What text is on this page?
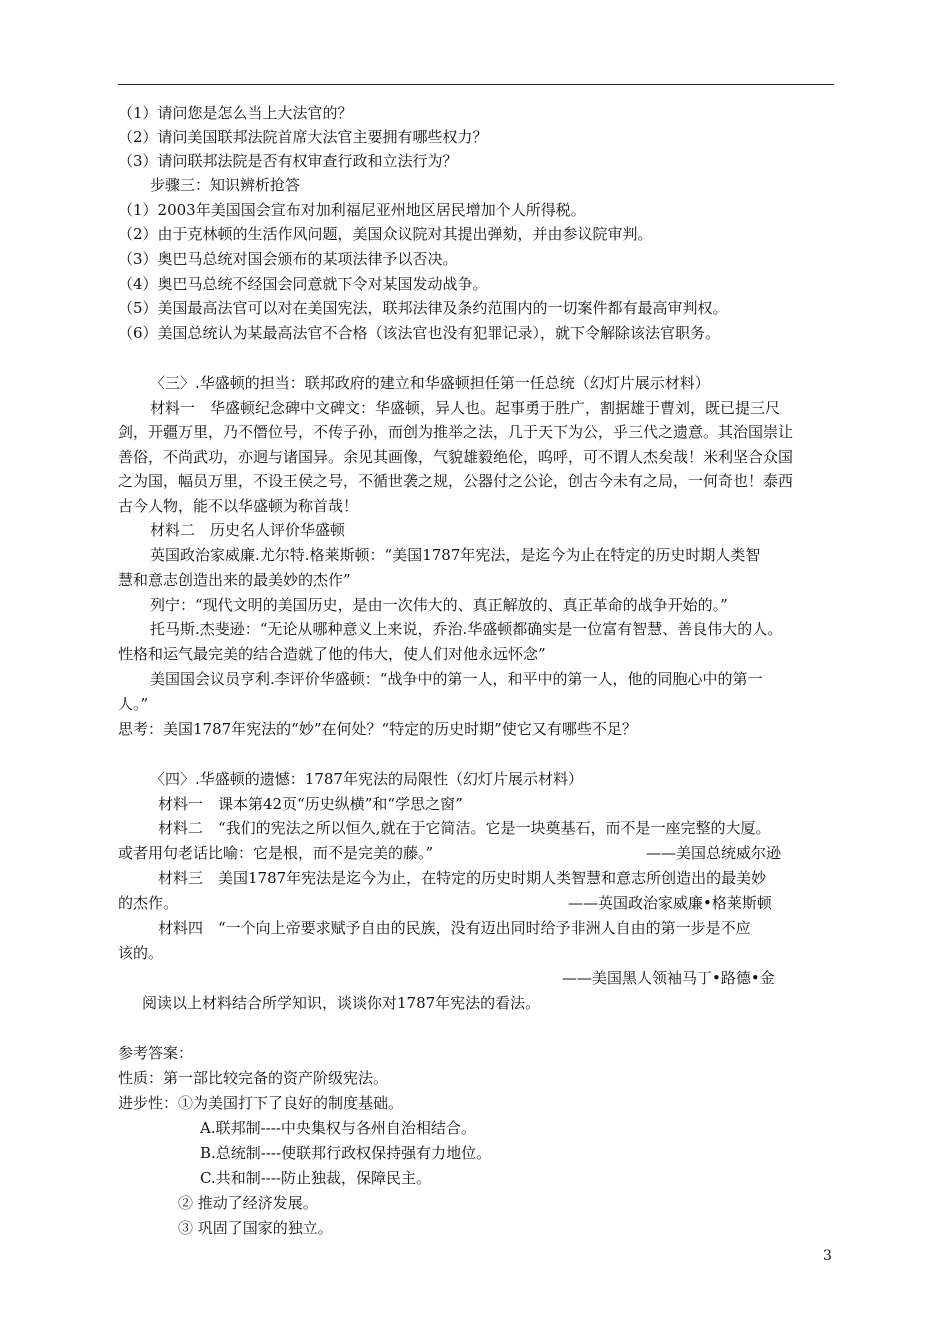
（1）请问您是怎么当上大法官的？
（2）请问美国联邦法院首席大法官主要拥有哪些权力？
（3）请问联邦法院是否有权审查行政和立法行为？
步骤三：知识辨析抢答
（1）2003年美国国会宣布对加利福尼亚州地区居民增加个人所得税。
（2）由于克林顿的生活作风问题，美国众议院对其提出弹劾，并由参议院审判。
（3）奥巴马总统对国会颁布的某项法律予以否决。
（4）奥巴马总统不经国会同意就下令对某国发动战争。
（5）美国最高法官可以对在美国宪法，联邦法律及条约范围内的一切案件都有最高审判权。
（6）美国总统认为某最高法官不合格（该法官也没有犯罪记录），就下令解除该法官职务。
〈三〉.华盛顿的担当：联邦政府的建立和华盛顿担任第一任总统（幻灯片展示材料）
材料一　华盛顿纪念碑中文碑文：华盛顿，异人也。起事勇于胜广，割据雄于曹刘，既已提三尺
剑，开疆万里，乃不僭位号，不传子孙，而创为推举之法，几于天下为公，乎三代之遗意。其治国崇让
善俗，不尚武功，亦迥与诸国异。余见其画像，气貌雄毅绝伦，呜呼，可不谓人杰矣哉！米利坚合众国
之为国，幅员万里，不设王侯之号，不循世袭之规，公器付之公论，创古今未有之局，一何奇也！泰西
古今人物，能不以华盛顿为称首哉！
材料二　历史名人评价华盛顿
英国政治家威廉.尤尔特.格莱斯顿：“美国1787年宪法，是迄今为止在特定的历史时期人类智
慧和意志创造出来的最美妙的杰作”
列宁：“现代文明的美国历史，是由一次伟大的、真正解放的、真正革命的战争开始的。”
托马斯.杰斐逊：“无论从哪种意义上来说，乔治.华盛顿都确实是一位富有智慧、善良伟大的人。
性格和运气最完美的结合造就了他的伟大，使人们对他永远怀念”
美国国会议员亨利.李评价华盛顿：“战争中的第一人，和平中的第一人，他的同胞心中的第一
人。”
思考：美国1787年宪法的“妙”在何处？“特定的历史时期”使它又有哪些不足？
〈四〉.华盛顿的遗憾：1787年宪法的局限性（幻灯片展示材料）
材料一　课本第42页“历史纵横”和“学思之窗”
材料二　“我们的宪法之所以恒久,就在于它简洁。它是一块奠基石，而不是一座完整的大厦。
或者用句老话比喻：它是根，而不是完美的藤。”	——美国总统威尔逊
材料三　美国1787年宪法是迄今为止，在特定的历史时期人类智慧和意志所创造出的最美妙
的杰作。	——英国政治家威廉•格莱斯顿
材料四　“一个向上帝要求赋予自由的民族，没有迈出同时给予非洲人自由的第一步是不应
该的。
——美国黑人领袖马丁•路德•金
阅读以上材料结合所学知识，谈谈你对1787年宪法的看法。
参考答案：
性质：第一部比较完备的资产阶级宪法。
进步性：①为美国打下了良好的制度基础。
A.联邦制----中央集权与各州自治相结合。
B.总统制----使联邦行政权保持强有力地位。
C.共和制----防止独裁，保障民主。
② 推动了经济发展。
③ 巩固了国家的独立。
3
